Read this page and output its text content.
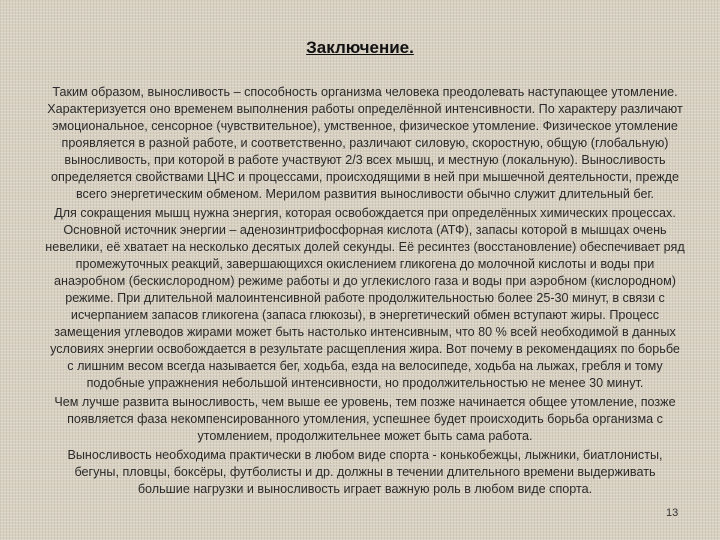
Заключение.
Таким образом, выносливость – способность организма человека преодолевать наступающее утомление.
Характеризуется оно временем выполнения работы определённой интенсивности. По характеру различают
эмоциональное, сенсорное (чувствительное), умственное, физическое утомление. Физическое утомление
проявляется в разной работе, и соответственно, различают силовую, скоростную, общую (глобальную)
выносливость, при которой в работе участвуют 2/3 всех мышц, и местную (локальную). Выносливость
определяется свойствами ЦНС и процессами, происходящими в ней при мышечной деятельности, прежде
всего энергетическим обменом. Мерилом развития выносливости обычно служит длительный бег.
Для сокращения мышц нужна энергия, которая освобождается при определённых химических процессах.
Основной источник энергии – аденозинтрифосфорная кислота (АТФ), запасы которой в мышцах очень
невелики, её хватает на несколько десятых долей секунды. Её ресинтез (восстановление) обеспечивает ряд
промежуточных реакций, завершающихся окислением гликогена до молочной кислоты и воды при
анаэробном (бескислородном) режиме работы и до углекислого газа и воды при аэробном (кислородном)
режиме. При длительной малоинтенсивной работе продолжительностью более 25-30 минут, в связи с
исчерпанием запасов гликогена (запаса глюкозы), в энергетический обмен вступают жиры. Процесс
замещения углеводов жирами может быть настолько интенсивным, что 80 % всей необходимой в данных
условиях энергии освобождается в результате расщепления жира. Вот почему в рекомендациях по борьбе
с лишним весом всегда называется бег, ходьба, езда на велосипеде, ходьба на лыжах, гребля и тому
подобные упражнения небольшой интенсивности, но продолжительностью не менее 30 минут.
Чем лучше развита выносливость, чем выше ее уровень, тем позже начинается общее утомление, позже
появляется фаза некомпенсированного утомления, успешнее будет происходить борьба организма с
утомлением, продолжительнее может быть сама работа.
Выносливость необходима практически в любом виде спорта - конькобежцы, лыжники, биатлонисты,
бегуны, пловцы, боксёры, футболисты и др. должны в течении длительного времени выдерживать
большие нагрузки и выносливость играет важную роль в любом виде спорта.
13
